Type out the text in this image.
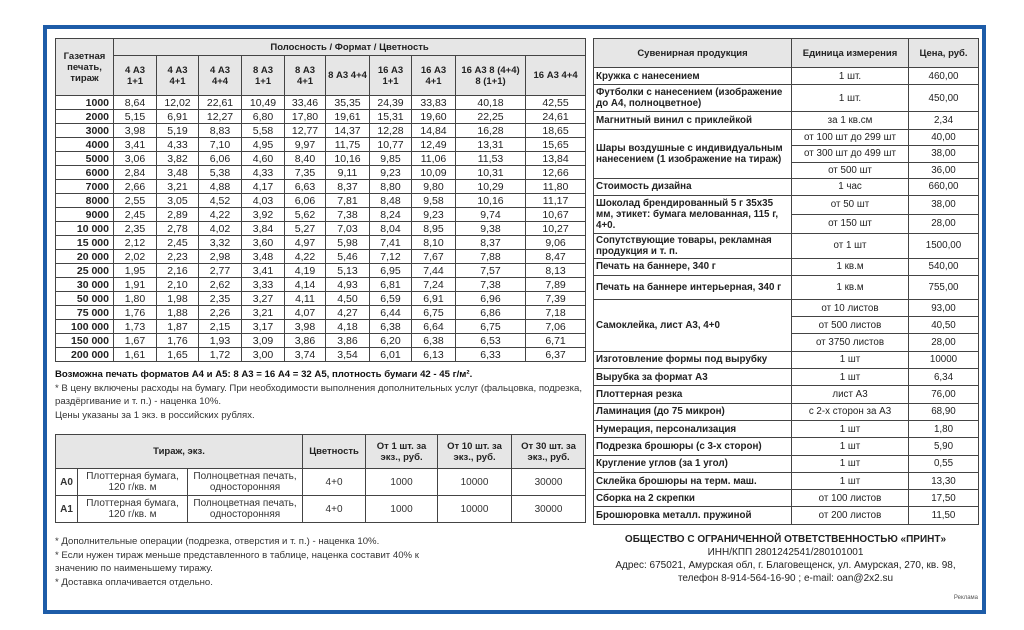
Газетная печать, тираж	Полосность / Формат / Цветность									
	4 А3 1+1	4 А3 4+1	4 А3 4+4	8 А3 1+1	8 А3 4+1	8 А3 4+4	16 А3 1+1	16 А3 4+1	16 А3 8 (4+4) 8 (1+1)	16 А3 4+4
1000	8,64	12,02	22,61	10,49	33,46	35,35	24,39	33,83	40,18	42,55
2000	5,15	6,91	12,27	6,80	17,80	19,61	15,31	19,60	22,25	24,61
3000	3,98	5,19	8,83	5,58	12,77	14,37	12,28	14,84	16,28	18,65
4000	3,41	4,33	7,10	4,95	9,97	11,75	10,77	12,49	13,31	15,65
5000	3,06	3,82	6,06	4,60	8,40	10,16	9,85	11,06	11,53	13,84
6000	2,84	3,48	5,38	4,33	7,35	9,11	9,23	10,09	10,31	12,66
7000	2,66	3,21	4,88	4,17	6,63	8,37	8,80	9,80	10,29	11,80
8000	2,55	3,05	4,52	4,03	6,06	7,81	8,48	9,58	10,16	11,17
9000	2,45	2,89	4,22	3,92	5,62	7,38	8,24	9,23	9,74	10,67
10 000	2,35	2,78	4,02	3,84	5,27	7,03	8,04	8,95	9,38	10,27
15 000	2,12	2,45	3,32	3,60	4,97	5,98	7,41	8,10	8,37	9,06
20 000	2,02	2,23	2,98	3,48	4,22	5,46	7,12	7,67	7,88	8,47
25 000	1,95	2,16	2,77	3,41	4,19	5,13	6,95	7,44	7,57	8,13
30 000	1,91	2,10	2,62	3,33	4,14	4,93	6,81	7,24	7,38	7,89
50 000	1,80	1,98	2,35	3,27	4,11	4,50	6,59	6,91	6,96	7,39
75 000	1,76	1,88	2,26	3,21	4,07	4,27	6,44	6,75	6,86	7,18
100 000	1,73	1,87	2,15	3,17	3,98	4,18	6,38	6,64	6,75	7,06
150 000	1,67	1,76	1,93	3,09	3,86	3,86	6,20	6,38	6,53	6,71
200 000	1,61	1,65	1,72	3,00	3,74	3,54	6,01	6,13	6,33	6,37
Возможна печать форматов А4 и А5: 8 А3 = 16 А4 = 32 А5, плотность бумаги 42 - 45 г/м².
* В цену включены расходы на бумагу. При необходимости выполнения дополнительных услуг (фальцовка, подрезка, раздёргивание и т. п.) - наценка 10%.
Цены указаны за 1 экз. в российских рублях.
Тираж, экз.			Цветность	От 1 шт. за экз., руб.	От 10 шт. за экз., руб.	От 30 шт. за экз., руб.
А0	Плоттерная бумага, 120 г/кв. м	Полноцветная печать, односторонняя	4+0	1000	10000	30000
А1	Плоттерная бумага, 120 г/кв. м	Полноцветная печать, односторонняя	4+0	1000	10000	30000
* Дополнительные операции (подрезка, отверстия и т. п.) - наценка 10%.
* Если нужен тираж меньше представленного в таблице, наценка составит 40% к значению по наименьшему тиражу.
* Доставка оплачивается отдельно.
Сувенирная продукция	Единица измерения	Цена, руб.
Кружка с нанесением	1 шт.	460,00
Футболки с нанесением (изображение до А4, полноцветное)	1 шт.	450,00
Магнитный винил с приклейкой	за 1 кв.см	2,34
Шары воздушные с индивидуальным нанесением (1 изображение на тираж)	от 100 шт до 299 шт	40,00
	от 300 шт до 499 шт	38,00
	от 500 шт	36,00
Стоимость дизайна	1 час	660,00
Шоколад брендированный 5 г 35x35 мм, этикет: бумага мелованная, 115 г, 4+0.	от 50 шт	38,00
	от 150 шт	28,00
Сопутствующие товары, рекламная продукция и т. п.	от 1 шт	1500,00
Печать на баннере, 340 г	1 кв.м	540,00
Печать на баннере интерьерная, 340 г	1 кв.м	755,00
Самоклейка, лист А3, 4+0	от 10 листов	93,00
	от 500 листов	40,50
	от 3750 листов	28,00
Изготовление формы под вырубку	1 шт	10000
Вырубка за формат А3	1 шт	6,34
Плоттерная резка	лист А3	76,00
Ламинация (до 75 микрон)	с 2-х сторон за А3	68,90
Нумерация, персонализация	1 шт	1,80
Подрезка брошюры (с 3-х сторон)	1 шт	5,90
Кругление углов (за 1 угол)	1 шт	0,55
Склейка брошюры на терм. маш.	1 шт	13,30
Сборка на 2 скрепки	от 100 листов	17,50
Брошюровка металл. пружиной	от 200 листов	11,50
ОБЩЕСТВО С ОГРАНИЧЕННОЙ ОТВЕТСТВЕННОСТЬЮ «ПРИНТ»
ИНН/КПП 2801242541/280101001
Адрес: 675021, Амурская обл, г. Благовещенск, ул. Амурская, 270, кв. 98,
телефон 8-914-564-16-90 ; e-mail: oan@2x2.su
Реклама
